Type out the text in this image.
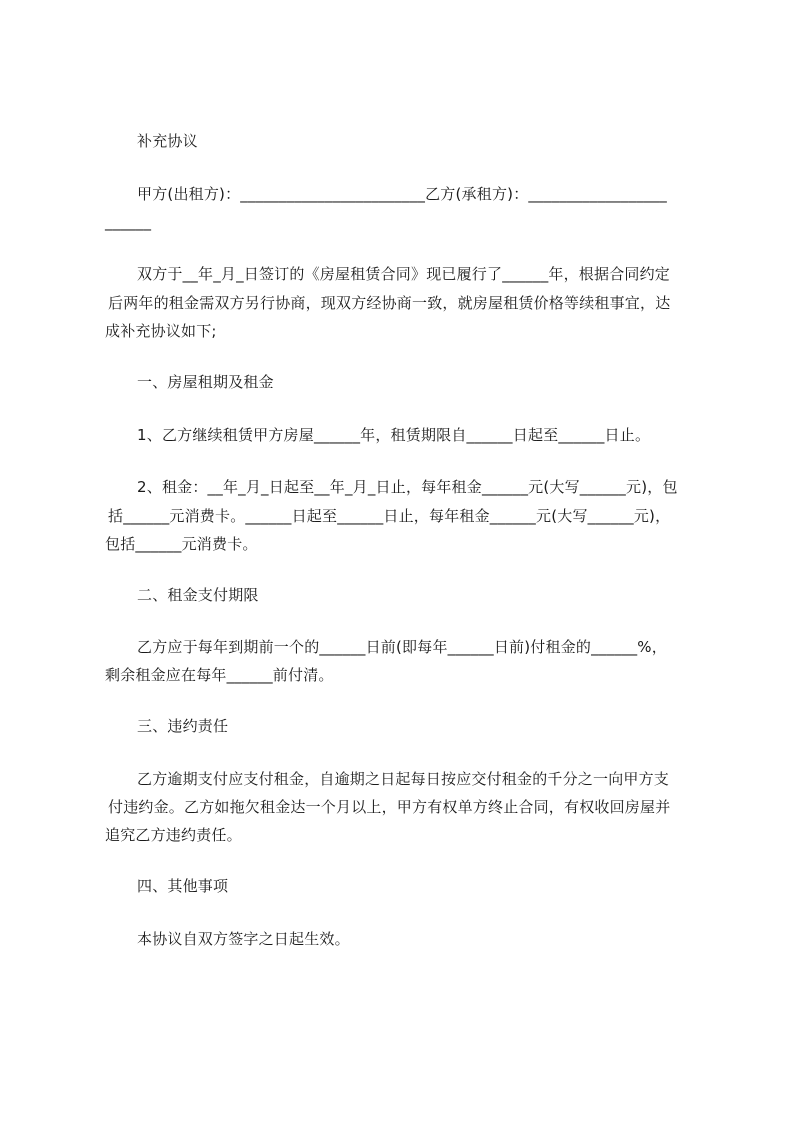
补充协议
甲方(出租方)：________________________乙方(承租方)：__________________
______
双方于__年_月_日签订的《房屋租赁合同》现已履行了______年，根据合同约定
后两年的租金需双方另行协商，现双方经协商一致，就房屋租赁价格等续租事宜，达
成补充协议如下;
一、房屋租期及租金
1、乙方继续租赁甲方房屋______年，租赁期限自______日起至______日止。
2、租金：__年_月_日起至__年_月_日止，每年租金______元(大写______元)，包
括______元消费卡。______日起至______日止，每年租金______元(大写______元)，
包括______元消费卡。
二、租金支付期限
乙方应于每年到期前一个的______日前(即每年______日前)付租金的______%，
剩余租金应在每年______前付清。
三、违约责任
乙方逾期支付应支付租金，自逾期之日起每日按应交付租金的千分之一向甲方支
付违约金。乙方如拖欠租金达一个月以上，甲方有权单方终止合同，有权收回房屋并
追究乙方违约责任。
四、其他事项
本协议自双方签字之日起生效。
